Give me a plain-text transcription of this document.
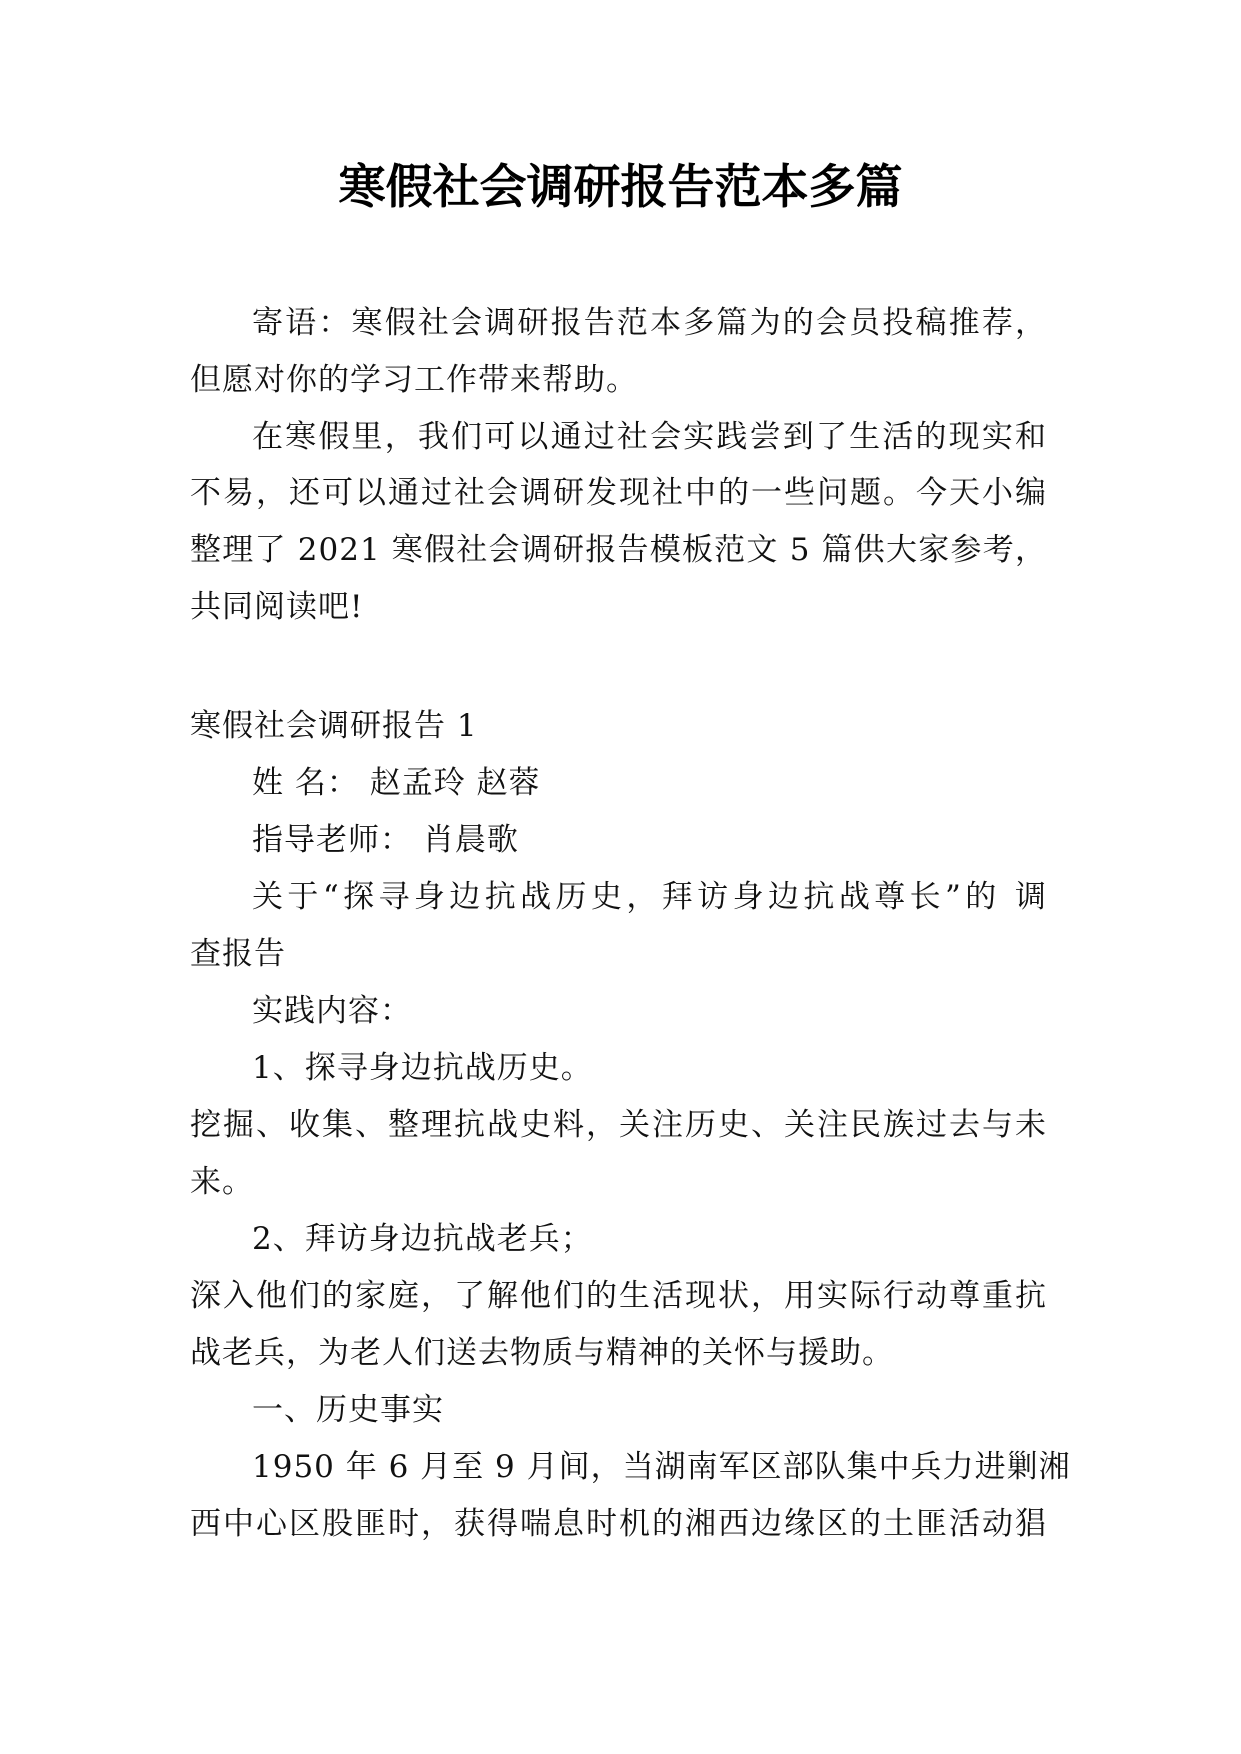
寒假社会调研报告范本多篇
寄语：寒假社会调研报告范本多篇为的会员投稿推荐，
但愿对你的学习工作带来帮助。
在寒假里，我们可以通过社会实践尝到了生活的现实和
不易，还可以通过社会调研发现社中的一些问题。今天小编
整理了 2021 寒假社会调研报告模板范文 5 篇供大家参考，
共同阅读吧!
寒假社会调研报告 1
姓 名： 赵孟玲 赵蓉
指导老师： 肖晨歌
关于“探寻身边抗战历史，拜访身边抗战尊长”的 调
查报告
实践内容：
1、探寻身边抗战历史。
挖掘、收集、整理抗战史料，关注历史、关注民族过去与未
来。
2、拜访身边抗战老兵；
深入他们的家庭，了解他们的生活现状，用实际行动尊重抗
战老兵，为老人们送去物质与精神的关怀与援助。
一、历史事实
1950 年 6 月至 9 月间，当湖南军区部队集中兵力进剿湘
西中心区股匪时，获得喘息时机的湘西边缘区的土匪活动猖
